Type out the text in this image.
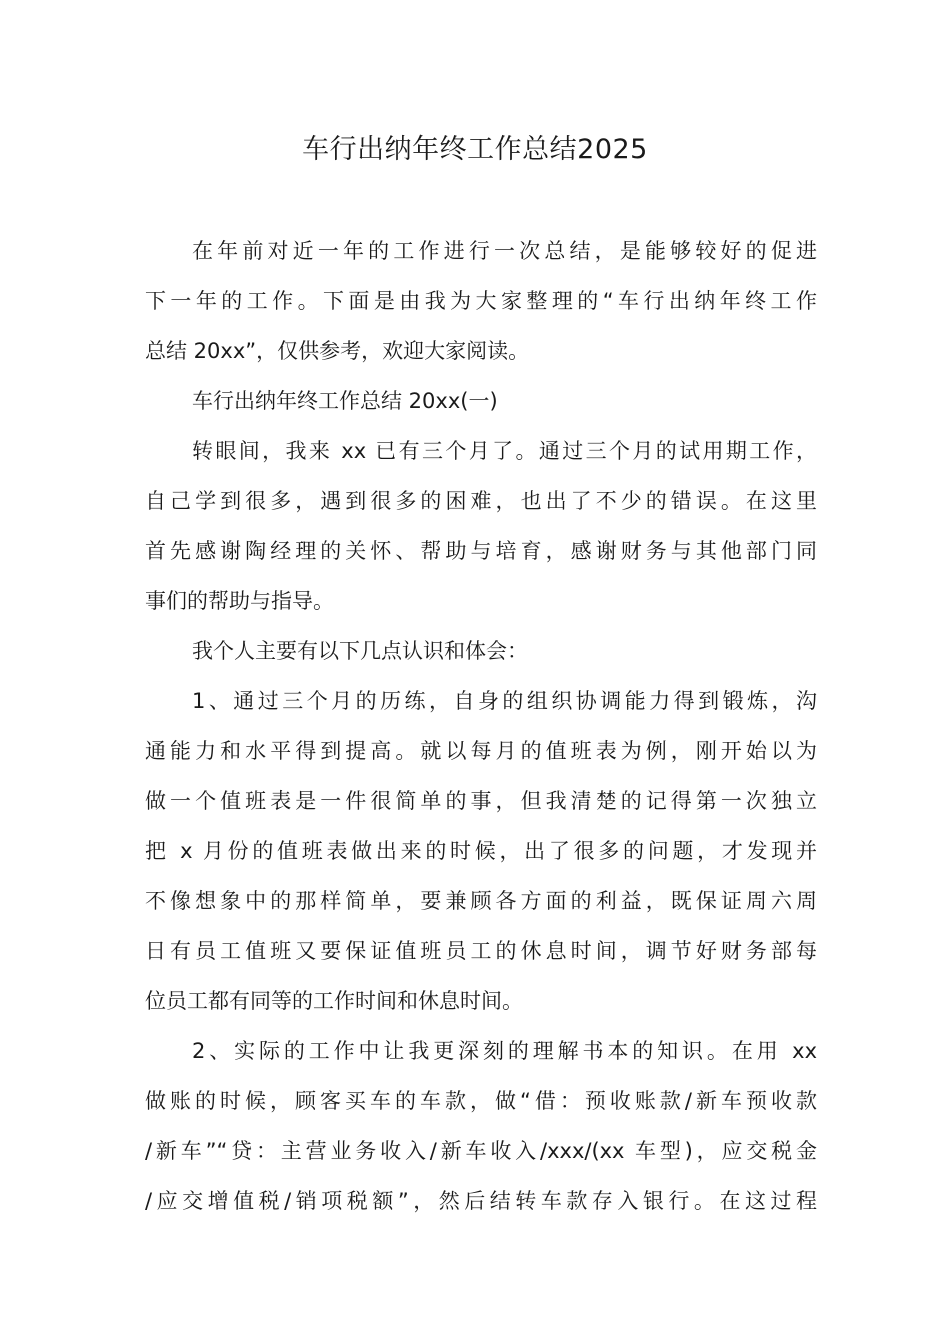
车行出纳年终工作总结2025
在年前对近一年的工作进行一次总结，是能够较好的促进
下一年的工作。下面是由我为大家整理的“车行出纳年终工作
总结 20xx”，仅供参考，欢迎大家阅读。
车行出纳年终工作总结 20xx(一)
转眼间，我来 xx 已有三个月了。通过三个月的试用期工作，
自己学到很多，遇到很多的困难，也出了不少的错误。在这里
首先感谢陶经理的关怀、帮助与培育，感谢财务与其他部门同
事们的帮助与指导。
我个人主要有以下几点认识和体会：
1、通过三个月的历练，自身的组织协调能力得到锻炼，沟
通能力和水平得到提高。就以每月的值班表为例，刚开始以为
做一个值班表是一件很简单的事，但我清楚的记得第一次独立
把 x 月份的值班表做出来的时候，出了很多的问题，才发现并
不像想象中的那样简单，要兼顾各方面的利益，既保证周六周
日有员工值班又要保证值班员工的休息时间，调节好财务部每
位员工都有同等的工作时间和休息时间。
2、实际的工作中让我更深刻的理解书本的知识。在用 xx
做账的时候，顾客买车的车款，做“借：预收账款/新车预收款
/新车”“贷：主营业务收入/新车收入/xxx/(xx 车型)，应交税金
/应交增值税/销项税额”，然后结转车款存入银行。在这过程
